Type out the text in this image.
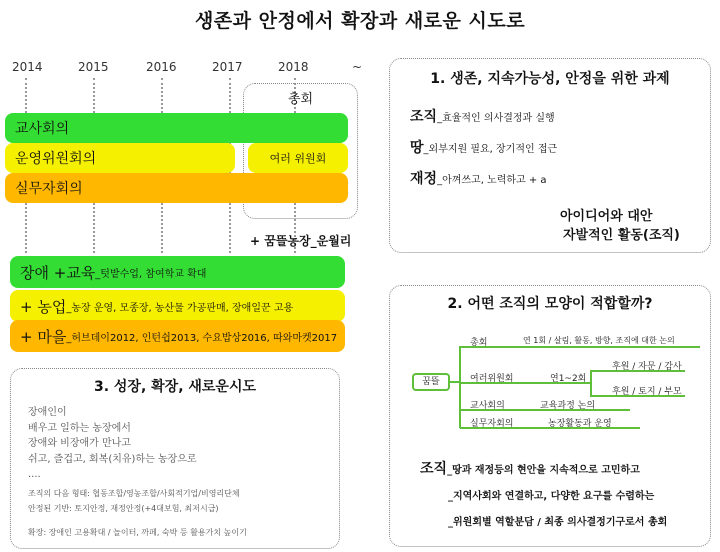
생존과 안정에서 확장과 새로운 시도로
2014	2015	2016	2017	2018	~
총회
교사회의
운영위원회의	여러 위원회
실무자회의
+ 꿈뜰농장_운월리
장애 +교육 _텃밭수업, 참여학교 확대
+ 농업 _농장 운영, 모종장, 농산물 가공판매, 장애일꾼 고용
+ 마을 _허브데이2012, 인턴쉽2013, 수요밥상2016, 따와마켓2017
1. 생존, 지속가능성, 안정을 위한 과제
조직_효율적인 의사결정과 실행
땅_외부지원 필요, 장기적인 접근
재정_아껴쓰고, 노력하고 + a
아이디어와 대안
자발적인 활동(조직)
2. 어떤 조직의 모양이 적합할까?
꿈뜰
총회	연 1회 / 살림, 활동, 방향, 조직에 대한 논의
여러위원회	연1~2회
후원 / 자문 / 감사
후원 / 토지 / 부모
교사회의	교육과정 논의
실무자회의	농장활동과 운영
조직_땅과 재정등의 현안을 지속적으로 고민하고
_지역사회와 연결하고, 다양한 요구를 수렴하는
_위원회별 역할분담 / 최종 의사결정기구로서 총회
3. 성장, 확장, 새로운시도
장애인이
배우고 일하는 농장에서
장애와 비장애가 만나고
쉬고, 즐겁고, 회복(치유)하는 농장으로
....
조직의 다음 형태: 협동조합/영농조합/사회적기업/비영리단체
안정된 기반: 토지안정, 재정안정(+4대보험, 최저시급)
확장: 장애인 고용확대 / 놀이터, 까페, 숙박 등 활용가치 높이기
